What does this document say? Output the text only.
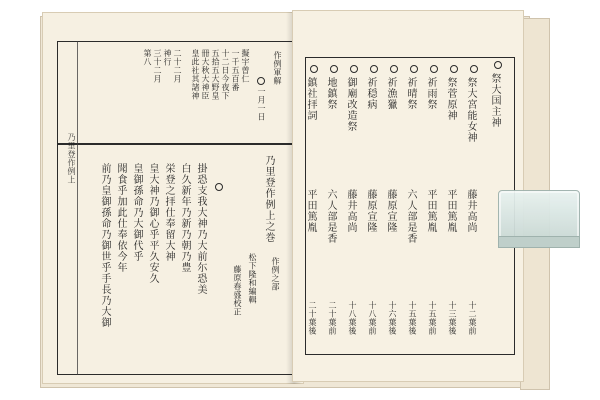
作例軍解
一月一日
擬宇曽仁
一千五百番
十二日今夜下
五拾五大野皇
冊大秋大神臣
皇此社其諸神
二十二月
神行
三十二月
第八
乃里登作例上之巻
作例之部
松下隆和編輯
藤原春盛校正
掛恐支我大神乃大前尓恐美
白久新年乃新乃朝乃豊
栄登之拝仕奉留大神
皇大神乃御心乎平久安久
皇御孫命乃大御代乎
聞食乎加此仕奉依今年
前乃皇御孫命乃御世乎手長乃大御
乃里登作例上
祭大国主神
祭大宮能女神
藤井高尚
十二葉前
祭菅原神
平田篤胤
十三葉後
祈雨祭
平田篤胤
十五葉前
祈晴祭
六人部是香
十五葉後
祈漁獵
藤原宣隆
十六葉後
祈穏病
藤原宣隆
十八葉前
御廟改造祭
藤井高尚
十八葉後
地鎮祭
六人部是香
二十葉前
鎮社拝詞
平田篤胤
二十葉後
